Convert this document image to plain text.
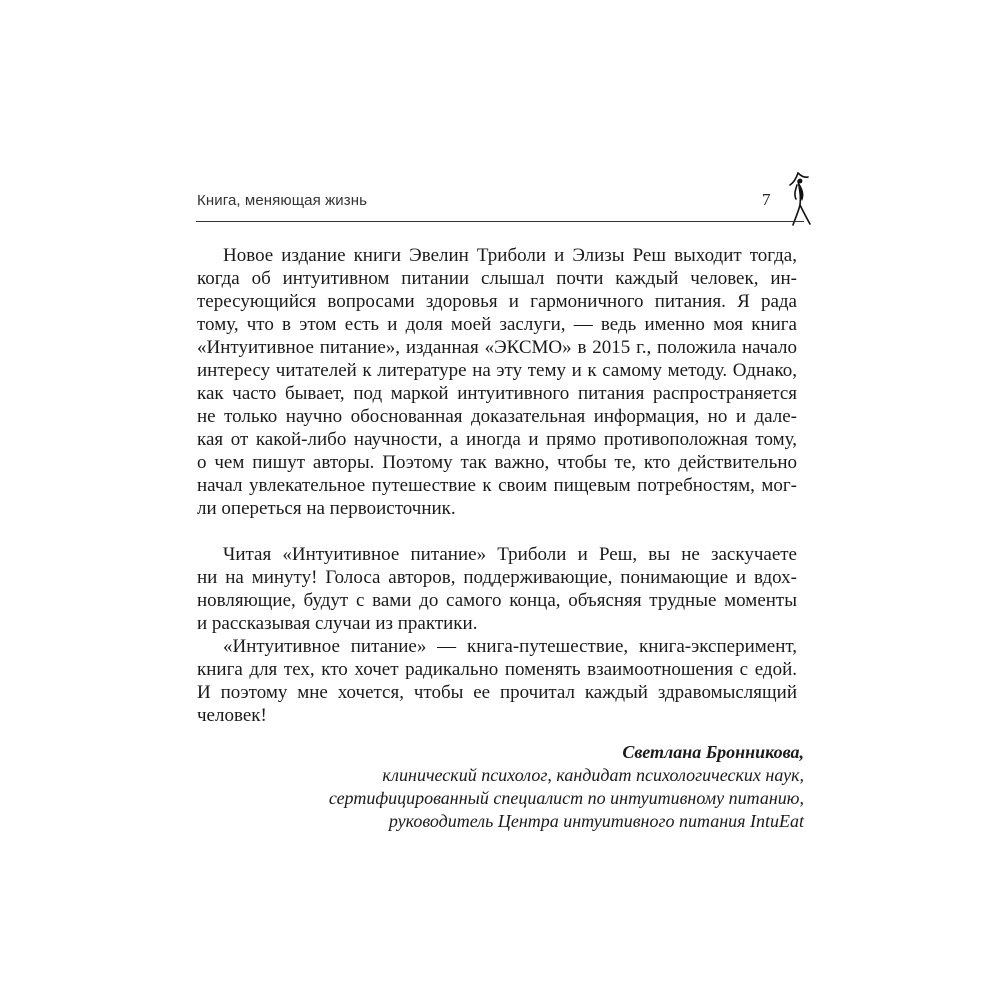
Книга, меняющая жизнь	7
Новое издание книги Эвелин Триболи и Элизы Реш выходит тогда,
когда об интуитивном питании слышал почти каждый человек, ин-
тересующийся вопросами здоровья и гармоничного питания. Я рада
тому, что в этом есть и доля моей заслуги, — ведь именно моя книга
«Интуитивное питание», изданная «ЭКСМО» в 2015 г., положила начало
интересу читателей к литературе на эту тему и к самому методу. Однако,
как часто бывает, под маркой интуитивного питания распространяется
не только научно обоснованная доказательная информация, но и дале-
кая от какой-либо научности, а иногда и прямо противоположная тому,
о чем пишут авторы. Поэтому так важно, чтобы те, кто действительно
начал увлекательное путешествие к своим пищевым потребностям, мог-
ли опереться на первоисточник.
Читая «Интуитивное питание» Триболи и Реш, вы не заскучаете
ни на минуту! Голоса авторов, поддерживающие, понимающие и вдох-
новляющие, будут с вами до самого конца, объясняя трудные моменты
и рассказывая случаи из практики.
«Интуитивное питание» — книга-путешествие, книга-эксперимент,
книга для тех, кто хочет радикально поменять взаимоотношения с едой.
И поэтому мне хочется, чтобы ее прочитал каждый здравомыслящий
человек!
Светлана Бронникова,
клинический психолог, кандидат психологических наук,
сертифицированный специалист по интуитивному питанию,
руководитель Центра интуитивного питания IntuEat
